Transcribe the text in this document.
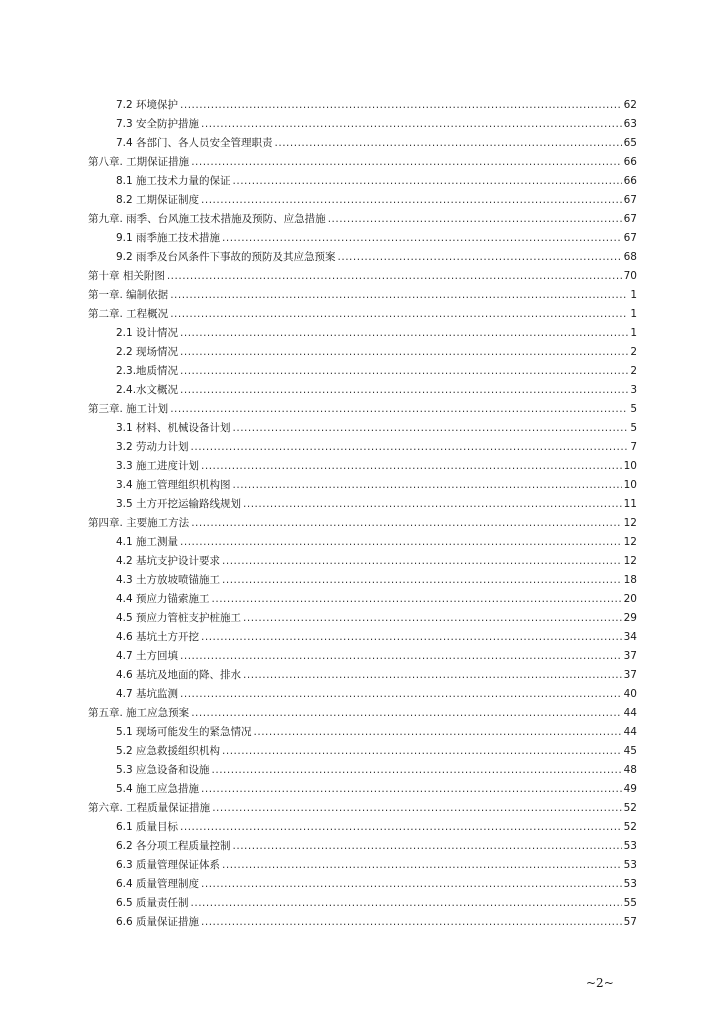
7.2 环境保护 .....	62
7.3 安全防护措施 .....	63
7.4 各部门、各人员安全管理职责 .....	65
第八章. 工期保证措施 .....	66
8.1 施工技术力量的保证 .....	66
8.2 工期保证制度 .....	67
第九章. 雨季、台风施工技术措施及预防、应急措施 .....	67
9.1 雨季施工技术措施 .....	67
9.2 雨季及台风条件下事故的预防及其应急预案 .....	68
第十章 相关附图 .....	70
第一章. 编制依据 .....	1
第二章. 工程概况 .....	1
2.1 设计情况 .....	1
2.2 现场情况 .....	2
2.3.地质情况 .....	2
2.4.水文概况 .....	3
第三章. 施工计划 .....	5
3.1 材料、机械设备计划 .....	5
3.2 劳动力计划 .....	7
3.3 施工进度计划 .....	10
3.4 施工管理组织机构图 .....	10
3.5 土方开挖运输路线规划 .....	11
第四章. 主要施工方法 .....	12
4.1 施工测量 .....	12
4.2 基坑支护设计要求 .....	12
4.3 土方放坡喷锚施工 .....	18
4.4 预应力锚索施工 .....	20
4.5 预应力管桩支护桩施工 .....	29
4.6 基坑土方开挖 .....	34
4.7 土方回填 .....	37
4.6 基坑及地面的降、排水 .....	37
4.7 基坑监测 .....	40
第五章. 施工应急预案 .....	44
5.1 现场可能发生的紧急情况 .....	44
5.2 应急救援组织机构 .....	45
5.3 应急设备和设施 .....	48
5.4 施工应急措施 .....	49
第六章. 工程质量保证措施 .....	52
6.1 质量目标 .....	52
6.2 各分项工程质量控制 .....	53
6.3 质量管理保证体系 .....	53
6.4 质量管理制度 .....	53
6.5 质量责任制 .....	55
6.6 质量保证措施 .....	57
~2~
